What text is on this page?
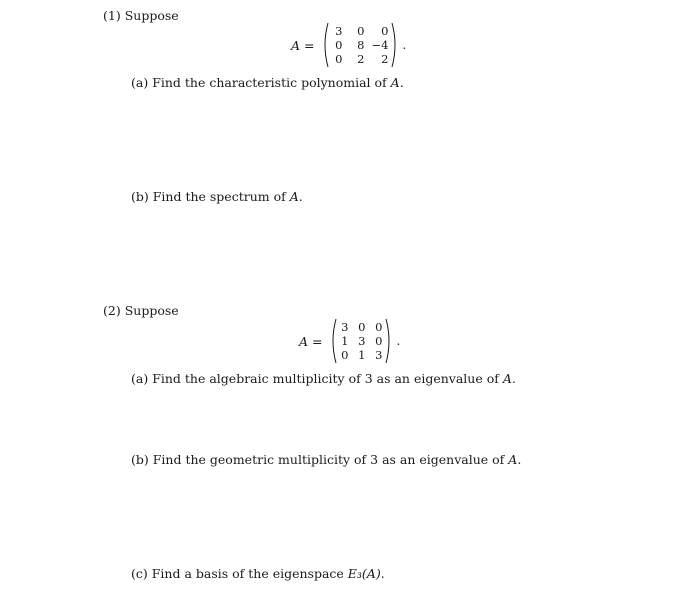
(1) Suppose
A =
3	0	0
0	8 −4
0	2	2
.
(a) Find the characteristic polynomial of A.
(b) Find the spectrum of A.
(2) Suppose
A =
3 0 0
1 3 0
0 1 3
.
(a) Find the algebraic multiplicity of 3 as an eigenvalue of A.
(b) Find the geometric multiplicity of 3 as an eigenvalue of A.
(c) Find a basis of the eigenspace E₃(A).
